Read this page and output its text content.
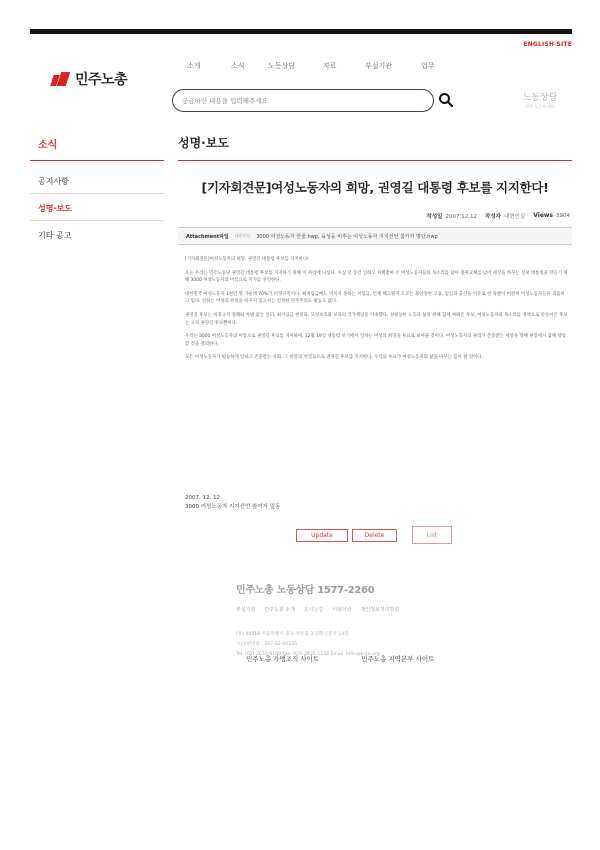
ENGLISH SITE
민주노총
소개	소식	노동상담	자료	부설기관	업무
궁금하신 내용을 입력해주세요
노동상담
민주 노동자 센터
소식
공지사항
성명·보도
기타 공고
성명·보도
[기자회견문]여성노동자의 희망, 권영길 대통령 후보를 지지한다!
작성일 2007.12.12 작성자 대변인실 Views 3904
Attachment파일 다운로드 3000 여성노동자 한줄.hwp, 육성을 비추는 여성노동자 지지선언 참가자 명단.hwp

[기자회견문]여성노동자의 희망, 권영길 대통령 후보를 지지한다!

오늘 우리는 민주노동당 권영길 대통령 후보를 지지하기 위해 이 자리에 나섰다. 수십 년 동안 일하고 차별받아 온 여성노동자들의 목소리를 담아 정권교체를 넘어 세상을 바꾸는 진보 대통령을 만들기 위해 3000 여성노동자의 이름으로 지지를 선언한다.

대한민국 여성노동자 1천만 명 가운데 70%가 비정규직이다. 최저임금에도 미치지 못하는 저임금, 언제 해고될지 모르는 불안정한 고용, 임신과 출산을 이유로 한 차별이 여전히 여성노동자들을 괴롭히고 있다. 일하는 여성의 현실을 바꾸지 않고서는 진정한 민주주의도 평등도 없다.

권영길 후보는 비정규직 철폐와 차별 없는 일터, 최저임금 현실화, 모성보호와 보육의 국가책임을 약속했다. 성평등한 노동과 삶을 위해 함께 싸워온 후보, 여성노동자의 목소리를 정책으로 만들어온 후보는 오직 권영길 후보뿐이다.

우리는 3000 여성노동자의 이름으로 권영길 후보를 지지하며, 12월 19일 대통령 선거에서 일하는 여성의 희망을 투표로 보여줄 것이다. 여성노동자의 권리가 존중받는 세상을 향해 현장에서 함께 행동할 것을 결의한다.

모든 여성노동자가 평등하게 일하고 존중받는 사회, 그 희망의 첫걸음으로 권영길 후보를 지지한다. 우리의 투표가 여성노동자의 삶을 바꾸는 힘이 될 것이다.

2007. 12. 12.
3000 여성노동자 지지선언 참여자 일동
Update	Delete	List
민주노총 노동상담 1577-2260
부설기관 민주노총 소개 오시는길 이용약관 개인정보처리방침
(우) 04518 서울특별시 중구 정동길 3 경향신문사 14층
구)우편번호 : 107-92-00335
Tel. (02) 2670-9100 Fax. (02) 2635-1134 Email. kctu@kctu.org
민주노총 가맹조직 사이트	민주노총 지역본부 사이트
